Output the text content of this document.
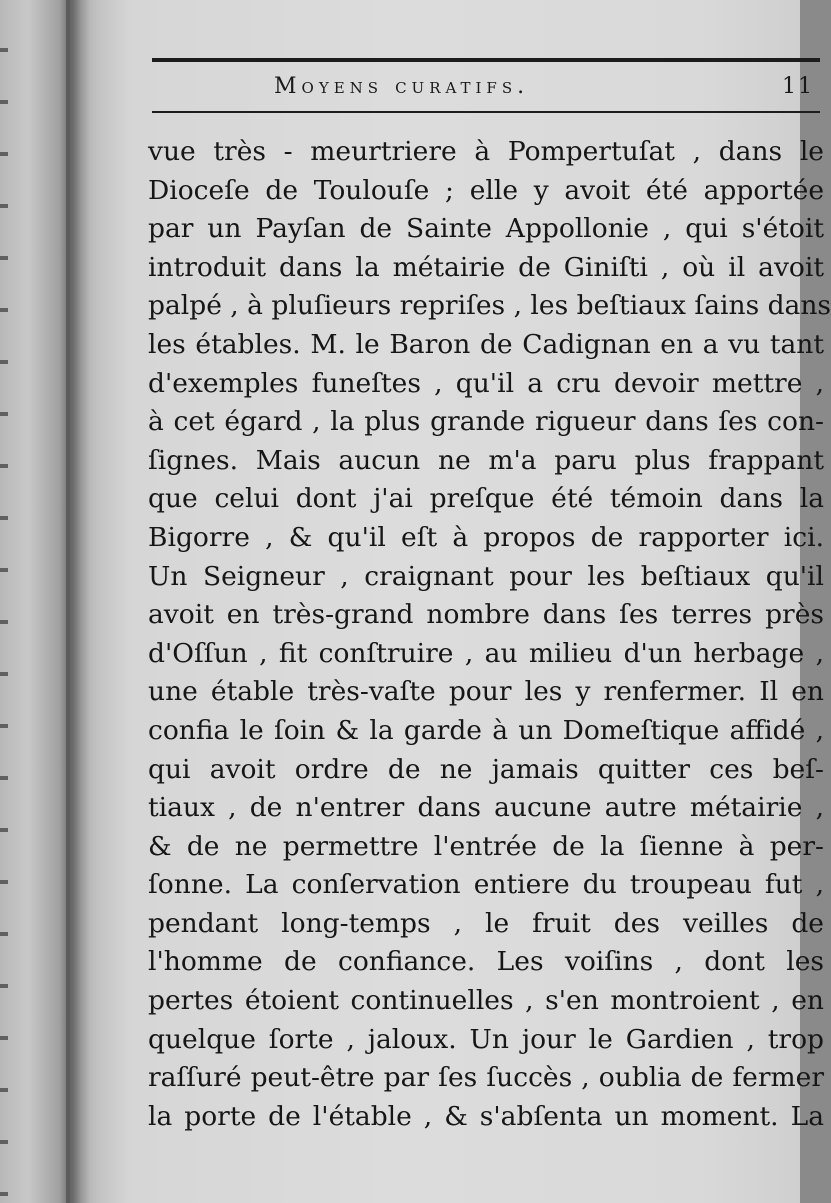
Moyens curatifs.	11
vue très - meurtriere à Pompertuſat , dans le
Dioceſe de Toulouſe ; elle y avoit été apportée
par un Payſan de Sainte Appollonie , qui s'étoit
introduit dans la métairie de Giniſti , où il avoit
palpé , à pluſieurs repriſes , les beſtiaux ſains dans
les étables. M. le Baron de Cadignan en a vu tant
d'exemples funeſtes , qu'il a cru devoir mettre ,
à cet égard , la plus grande rigueur dans ſes con-
ſignes. Mais aucun ne m'a paru plus frappant
que celui dont j'ai preſque été témoin dans la
Bigorre , & qu'il eſt à propos de rapporter ici.
Un Seigneur , craignant pour les beſtiaux qu'il
avoit en très-grand nombre dans ſes terres près
d'Oſſun , fit conſtruire , au milieu d'un herbage ,
une étable très-vaſte pour les y renfermer. Il en
confia le ſoin & la garde à un Domeſtique affidé ,
qui avoit ordre de ne jamais quitter ces beſ-
tiaux , de n'entrer dans aucune autre métairie ,
& de ne permettre l'entrée de la ſienne à per-
ſonne. La conſervation entiere du troupeau fut ,
pendant long-temps , le fruit des veilles de
l'homme de confiance. Les voiſins , dont les
pertes étoient continuelles , s'en montroient , en
quelque ſorte , jaloux. Un jour le Gardien , trop
raſſuré peut-être par ſes ſuccès , oublia de fermer
la porte de l'étable , & s'abſenta un moment. La
